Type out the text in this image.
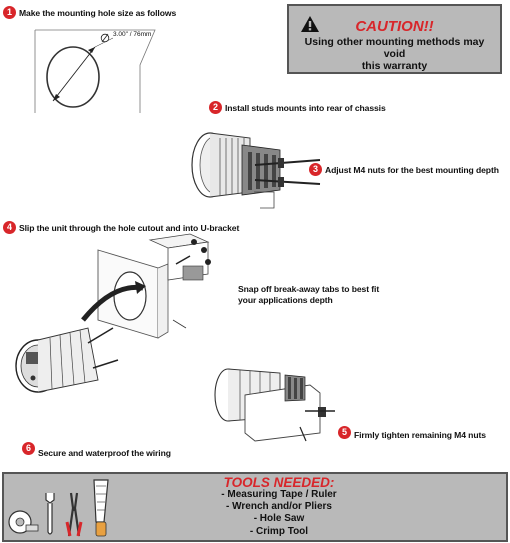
1 Make the mounting hole size as follows
3.00" / 76mm	CAUTION!!
Using other mounting methods may void
this warranty
2 Install studs mounts into rear of chassis
3 Adjust M4 nuts for the best mounting depth
4 Slip the unit through the hole cutout and into U-bracket
Snap off break-away tabs to best fit
your applications depth
5 Firmly tighten remaining M4 nuts
6 Secure and waterproof the wiring
TOOLS NEEDED:
- Measuring Tape / Ruler
- Wrench and/or Pliers
- Hole Saw
- Crimp Tool
